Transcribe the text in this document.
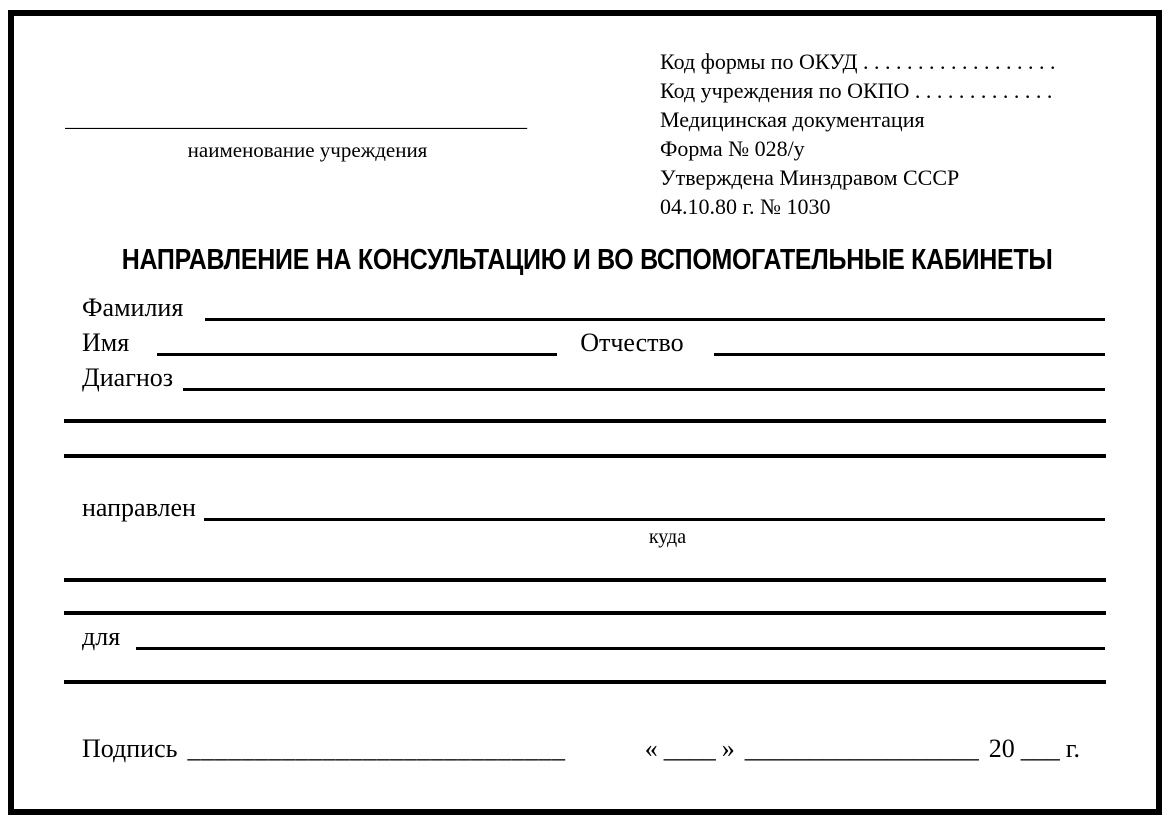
__________________________________________
наименование учреждения
Код формы по ОКУД . . . . . . . . . . . . . . . . . .
Код учреждения по ОКПО . . . . . . . . . . . . .
Медицинская документация
Форма № 028/у
Утверждена Минздравом СССР
04.10.80 г. № 1030
НАПРАВЛЕНИЕ НА КОНСУЛЬТАЦИЮ И ВО ВСПОМОГАТЕЛЬНЫЕ КАБИНЕТЫ
Фамилия
Имя	Отчество
Диагноз
направлен
куда
для
Подпись ____________________________	« ____ » __________________ 20 ___ г.
